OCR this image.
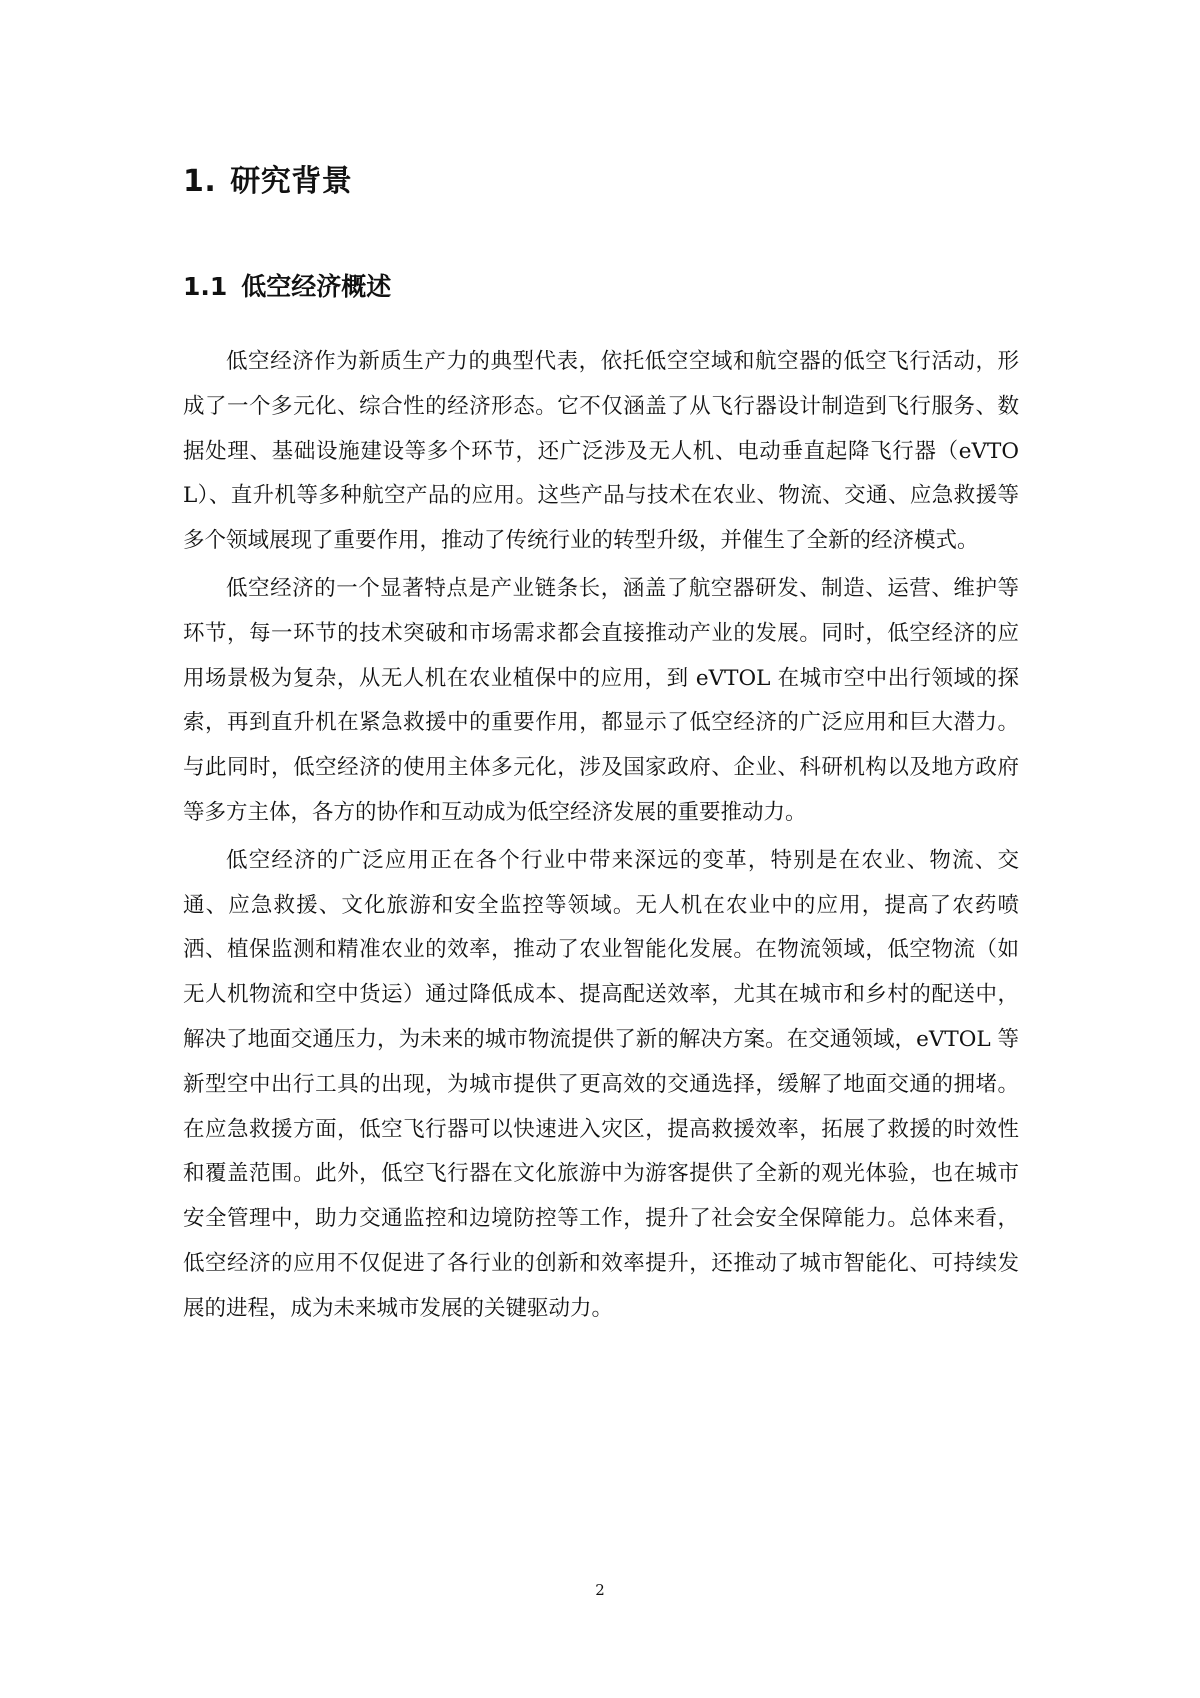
1. 研究背景
1.1 低空经济概述

低空经济作为新质生产力的典型代表，依托低空空域和航空器的低空飞行活动，形成了一个多元化、综合性的经济形态。它不仅涵盖了从飞行器设计制造到飞行服务、数据处理、基础设施建设等多个环节，还广泛涉及无人机、电动垂直起降飞行器（eVTOL）、直升机等多种航空产品的应用。这些产品与技术在农业、物流、交通、应急救援等多个领域展现了重要作用，推动了传统行业的转型升级，并催生了全新的经济模式。

低空经济的一个显著特点是产业链条长，涵盖了航空器研发、制造、运营、维护等环节，每一环节的技术突破和市场需求都会直接推动产业的发展。同时，低空经济的应用场景极为复杂，从无人机在农业植保中的应用，到 eVTOL 在城市空中出行领域的探索，再到直升机在紧急救援中的重要作用，都显示了低空经济的广泛应用和巨大潜力。与此同时，低空经济的使用主体多元化，涉及国家政府、企业、科研机构以及地方政府等多方主体，各方的协作和互动成为低空经济发展的重要推动力。

低空经济的广泛应用正在各个行业中带来深远的变革，特别是在农业、物流、交通、应急救援、文化旅游和安全监控等领域。无人机在农业中的应用，提高了农药喷洒、植保监测和精准农业的效率，推动了农业智能化发展。在物流领域，低空物流（如无人机物流和空中货运）通过降低成本、提高配送效率，尤其在城市和乡村的配送中，解决了地面交通压力，为未来的城市物流提供了新的解决方案。在交通领域，eVTOL 等新型空中出行工具的出现，为城市提供了更高效的交通选择，缓解了地面交通的拥堵。在应急救援方面，低空飞行器可以快速进入灾区，提高救援效率，拓展了救援的时效性和覆盖范围。此外，低空飞行器在文化旅游中为游客提供了全新的观光体验，也在城市安全管理中，助力交通监控和边境防控等工作，提升了社会安全保障能力。总体来看，低空经济的应用不仅促进了各行业的创新和效率提升，还推动了城市智能化、可持续发展的进程，成为未来城市发展的关键驱动力。

2
